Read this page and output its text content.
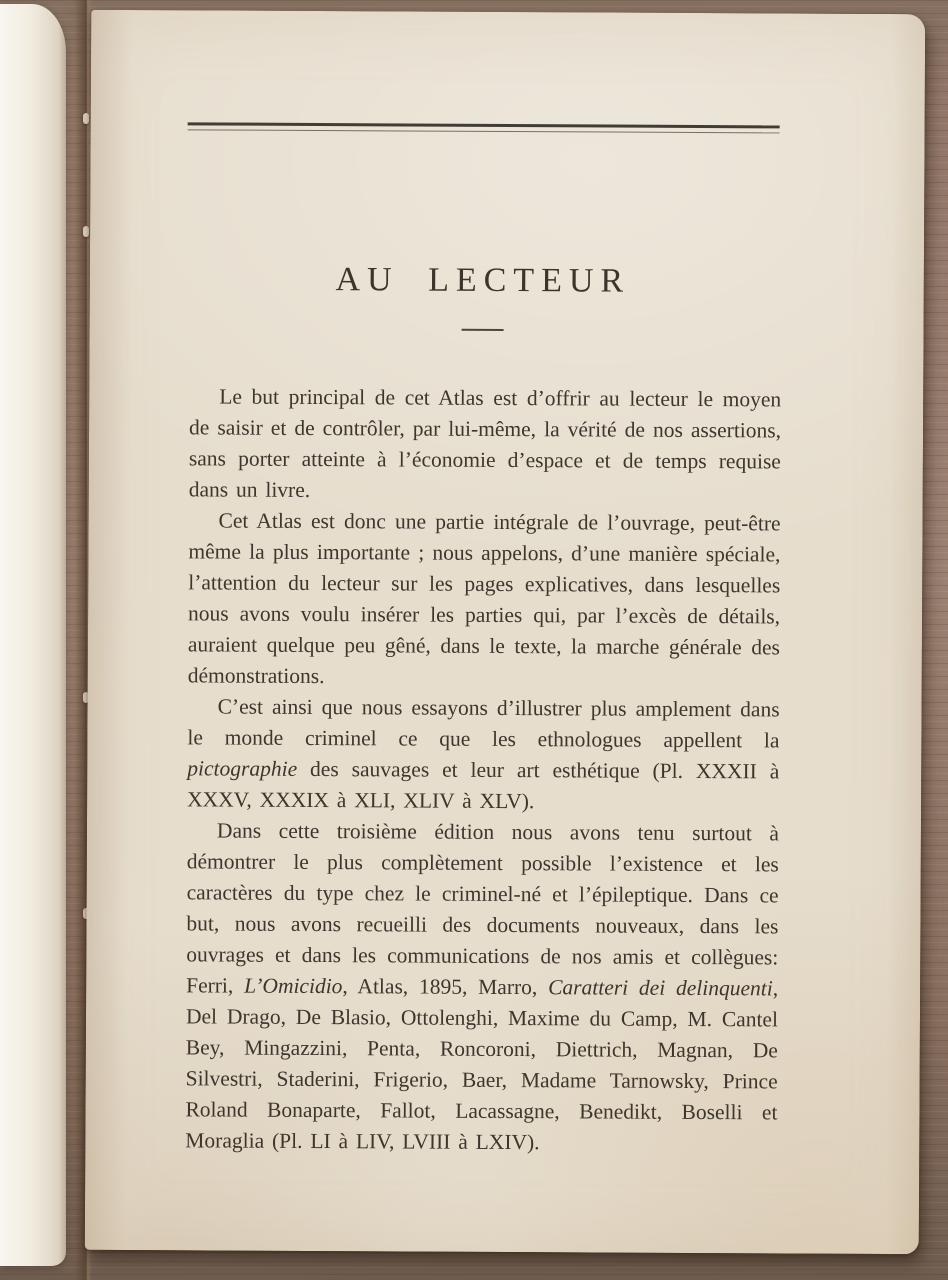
AU LECTEUR

Le but principal de cet Atlas est d’offrir au lecteur le moyen de saisir et de contrôler, par lui-même, la vérité de nos assertions, sans porter atteinte à l’économie d’espace et de temps requise dans un livre.

Cet Atlas est donc une partie intégrale de l’ouvrage, peut-être même la plus importante ; nous appelons, d’une manière spéciale, l’attention du lecteur sur les pages explicatives, dans lesquelles nous avons voulu insérer les parties qui, par l’excès de détails, auraient quelque peu gêné, dans le texte, la marche générale des démonstrations.

C’est ainsi que nous essayons d’illustrer plus amplement dans le monde criminel ce que les ethnologues appellent la pictographie des sauvages et leur art esthétique (Pl. XXXII à XXXV, XXXIX à XLI, XLIV à XLV).

Dans cette troisième édition nous avons tenu surtout à démontrer le plus complètement possible l’existence et les caractères du type chez le criminel-né et l’épileptique. Dans ce but, nous avons recueilli des documents nouveaux, dans les ouvrages et dans les communications de nos amis et collègues: Ferri, L’Omicidio, Atlas, 1895, Marro, Caratteri dei delinquenti, Del Drago, De Blasio, Ottolenghi, Maxime du Camp, M. Cantel Bey, Mingazzini, Penta, Roncoroni, Diettrich, Magnan, De Silvestri, Staderini, Frigerio, Baer, Madame Tarnowsky, Prince Roland Bonaparte, Fallot, Lacassagne, Benedikt, Boselli et Moraglia (Pl. LI à LIV, LVIII à LXIV).
